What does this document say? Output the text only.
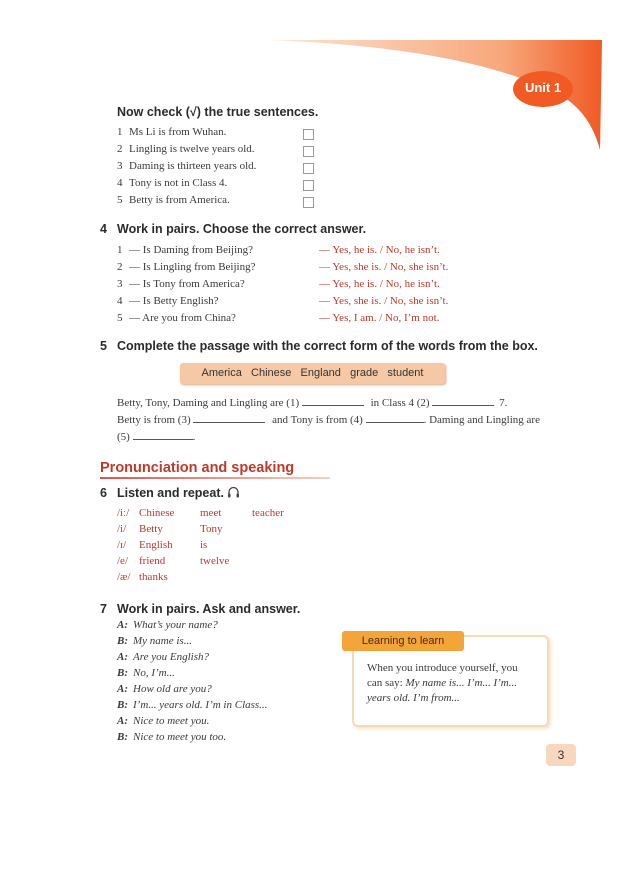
Unit 1
Now check (√) the true sentences.
1 Ms Li is from Wuhan.
2 Lingling is twelve years old.
3 Daming is thirteen years old.
4 Tony is not in Class 4.
5 Betty is from America.
4 Work in pairs. Choose the correct answer.
1 — Is Daming from Beijing?	— Yes, he is. / No, he isn’t.
2 — Is Lingling from Beijing?	— Yes, she is. / No, she isn’t.
3 — Is Tony from America?	— Yes, he is. / No, he isn’t.
4 — Is Betty English?	— Yes, she is. / No, she isn’t.
5 — Are you from China?	— Yes, I am. / No, I’m not.
5 Complete the passage with the correct form of the words from the box.
America   Chinese   England   grade   student
Betty, Tony, Daming and Lingling are (1)	in Class 4 (2)	7.
Betty is from (3)	and Tony is from (4)	. Daming and Lingling are
(5)	.
Pronunciation and speaking
6 Listen and repeat.
/iː/ Chinese meet	teacher
/i/ Betty	Tony
/ɪ/ English is
/e/ friend	twelve
/æ/ thanks
7 Work in pairs. Ask and answer.
A: What’s your name?
B: My name is...
A: Are you English?
B: No, I’m...
A: How old are you?
B: I’m... years old. I’m in Class...
A: Nice to meet you.
B: Nice to meet you too.
Learning to learn
When you introduce yourself, you
can say: My name is... I’m... I’m...
years old. I’m from...
3
